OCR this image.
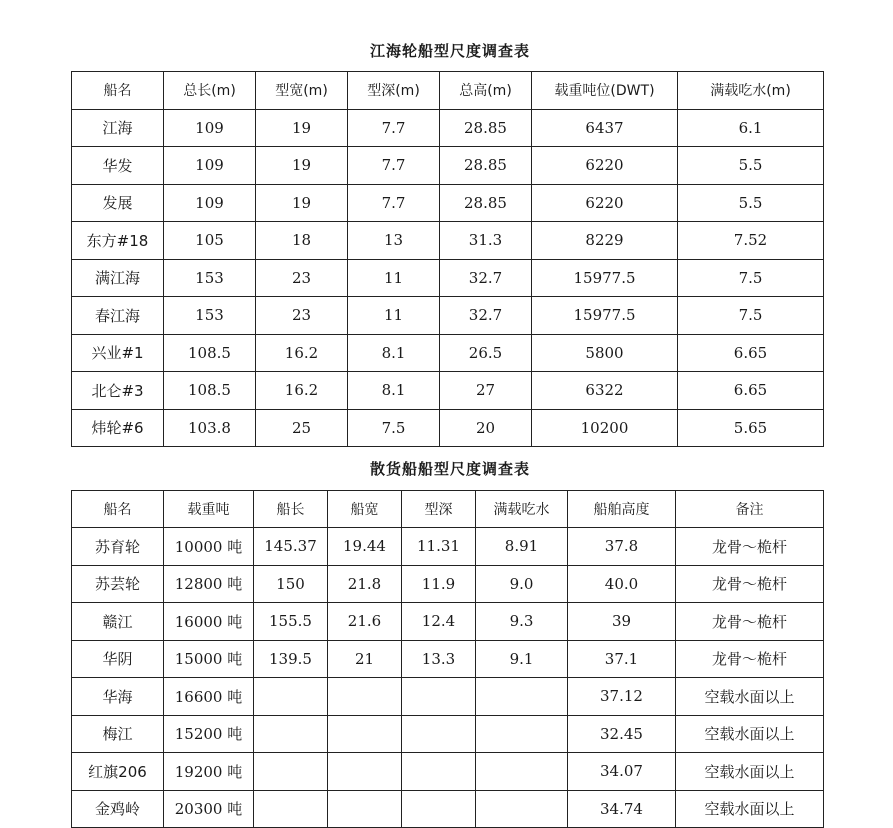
江海轮船型尺度调查表
船名	总长(m)	型宽(m)	型深(m)	总高(m)	载重吨位(DWT)	满载吃水(m)
江海	109	19	7.7	28.85	6437	6.1
华发	109	19	7.7	28.85	6220	5.5
发展	109	19	7.7	28.85	6220	5.5
东方#18	105	18	13	31.3	8229	7.52
满江海	153	23	11	32.7	15977.5	7.5
春江海	153	23	11	32.7	15977.5	7.5
兴业#1	108.5	16.2	8.1	26.5	5800	6.65
北仑#3	108.5	16.2	8.1	27	6322	6.65
炜轮#6	103.8	25	7.5	20	10200	5.65
散货船船型尺度调查表
船名	载重吨	船长	船宽	型深	满载吃水	船舶高度	备注
苏育轮	10000 吨	145.37	19.44	11.31	8.91	37.8	龙骨～桅杆
苏芸轮	12800 吨	150	21.8	11.9	9.0	40.0	龙骨～桅杆
赣江	16000 吨	155.5	21.6	12.4	9.3	39	龙骨～桅杆
华阴	15000 吨	139.5	21	13.3	9.1	37.1	龙骨～桅杆
华海	16600 吨					37.12	空载水面以上
梅江	15200 吨					32.45	空载水面以上
红旗206	19200 吨					34.07	空载水面以上
金鸡岭	20300 吨					34.74	空载水面以上
